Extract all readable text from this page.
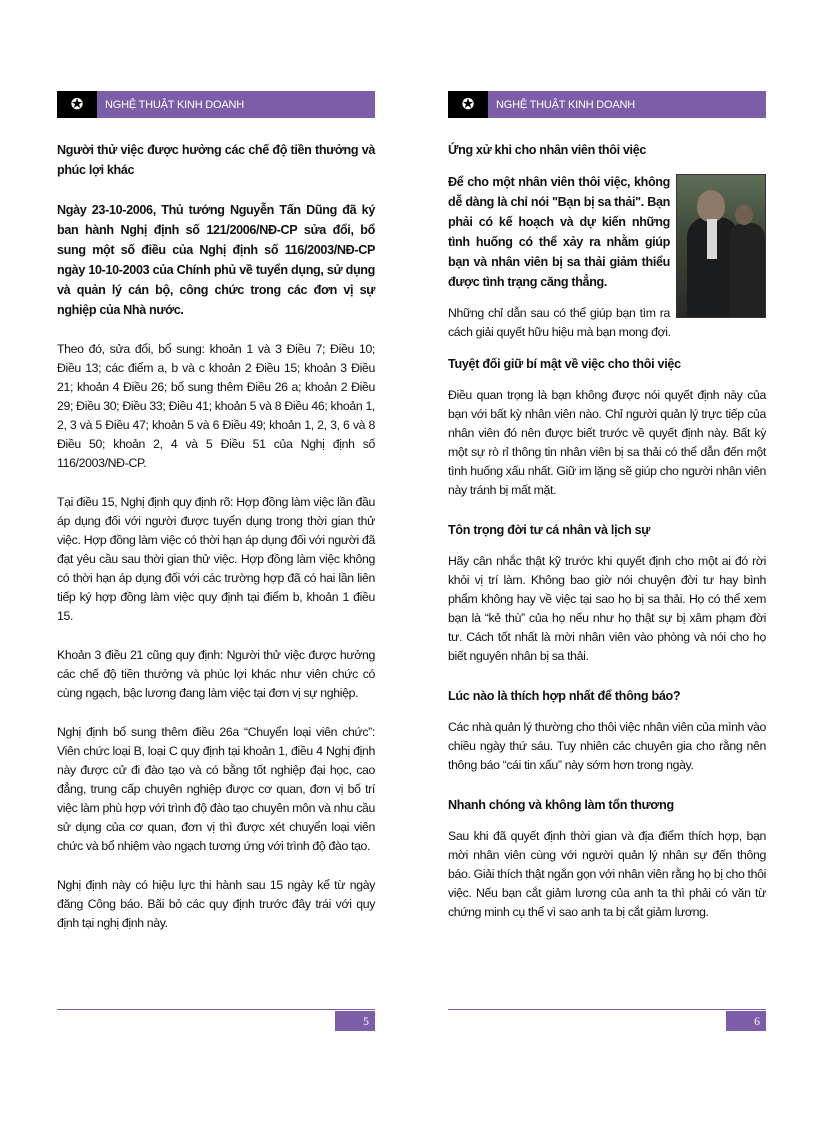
✪ NGHỆ THUẬT KINH DOANH

Người thử việc được hưởng các chế độ tiền thưởng và phúc lợi khác

Ngày 23-10-2006, Thủ tướng Nguyễn Tấn Dũng đã ký ban hành Nghị định số 121/2006/NĐ-CP sửa đổi, bổ sung một số điều của Nghị định số 116/2003/NĐ-CP ngày 10-10-2003 của Chính phủ về tuyển dụng, sử dụng và quản lý cán bộ, công chức trong các đơn vị sự nghiệp của Nhà nước.

Theo đó, sửa đổi, bổ sung: khoản 1 và 3 Điều 7; Điều 10; Điều 13; các điểm a, b và c khoản 2 Điều 15; khoản 3 Điều 21; khoản 4 Điều 26; bổ sung thêm Điều 26 a; khoản 2 Điều 29; Điều 30; Điều 33; Điều 41; khoản 5 và 8 Điều 46; khoản 1, 2, 3 và 5 Điều 47; khoản 5 và 6 Điều 49; khoản 1, 2, 3, 6 và 8 Điều 50; khoản 2, 4 và 5 Điều 51 của Nghị định số 116/2003/NĐ-CP.

Tại điều 15, Nghị định quy định rõ: Hợp đồng làm việc lần đầu áp dụng đối với người được tuyển dụng trong thời gian thử việc. Hợp đồng làm việc có thời hạn áp dụng đối với người đã đạt yêu cầu sau thời gian thử việc. Hợp đồng làm việc không có thời hạn áp dụng đối với các trường hợp đã có hai lần liên tiếp ký hợp đồng làm việc quy định tại điểm b, khoản 1 điều 15.

Khoản 3 điều 21 cũng quy định: Người thử việc được hưởng các chế độ tiền thưởng và phúc lợi khác như viên chức có cùng ngạch, bậc lương đang làm việc tại đơn vị sự nghiệp.

Nghị định bổ sung thêm điều 26a “Chuyển loại viên chức”: Viên chức loại B, loại C quy định tại khoản 1, điều 4 Nghị định này được cử đi đào tạo và có bằng tốt nghiệp đại học, cao đẳng, trung cấp chuyên nghiệp được cơ quan, đơn vị bố trí việc làm phù hợp với trình độ đào tạo chuyên môn và nhu cầu sử dụng của cơ quan, đơn vị thì được xét chuyển loại viên chức và bổ nhiệm vào ngạch tương ứng với trình độ đào tạo.

Nghị định này có hiệu lực thi hành sau 15 ngày kể từ ngày đăng Công báo. Bãi bỏ các quy định trước đây trái với quy định tại nghị định này.

5
✪ NGHỆ THUẬT KINH DOANH

Ứng xử khi cho nhân viên thôi việc

Để cho một nhân viên thôi việc, không dễ dàng là chỉ nói "Bạn bị sa thải". Bạn phải có kế hoạch và dự kiến những tình huống có thể xảy ra nhằm giúp bạn và nhân viên bị sa thải giảm thiểu được tình trạng căng thẳng.

Những chỉ dẫn sau có thể giúp bạn tìm ra cách giải quyết hữu hiệu mà bạn mong đợi.

Tuyệt đối giữ bí mật về việc cho thôi việc

Điều quan trọng là bạn không được nói quyết định này của bạn với bất kỳ nhân viên nào. Chỉ người quản lý trực tiếp của nhân viên đó nên được biết trước về quyết định này. Bất kỳ một sự rò rỉ thông tin nhân viên bị sa thải có thể dẫn đến một tình huống xấu nhất. Giữ im lặng sẽ giúp cho người nhân viên này tránh bị mất mặt.

Tôn trọng đời tư cá nhân và lịch sự

Hãy cân nhắc thật kỹ trước khi quyết định cho một ai đó rời khỏi vị trí làm. Không bao giờ nói chuyện đời tư hay bình phẩm không hay về việc tại sao họ bị sa thải. Họ có thể xem bạn là “kẻ thù” của họ nếu như họ thật sự bị xâm phạm đời tư. Cách tốt nhất là mời nhân viên vào phòng và nói cho họ biết nguyên nhân bị sa thải.

Lúc nào là thích hợp nhất để thông báo?

Các nhà quản lý thường cho thôi việc nhân viên của mình vào chiều ngày thứ sáu. Tuy nhiên các chuyên gia cho rằng nên thông báo “cái tin xấu” này sớm hơn trong ngày.

Nhanh chóng và không làm tổn thương

Sau khi đã quyết định thời gian và địa điểm thích hợp, bạn mời nhân viên cùng với người quản lý nhân sự đến thông báo. Giải thích thật ngắn gọn với nhân viên rằng họ bị cho thôi việc. Nếu bạn cắt giảm lương của anh ta thì phải có văn từ chứng minh cụ thể vì sao anh ta bị cắt giảm lương.

6
